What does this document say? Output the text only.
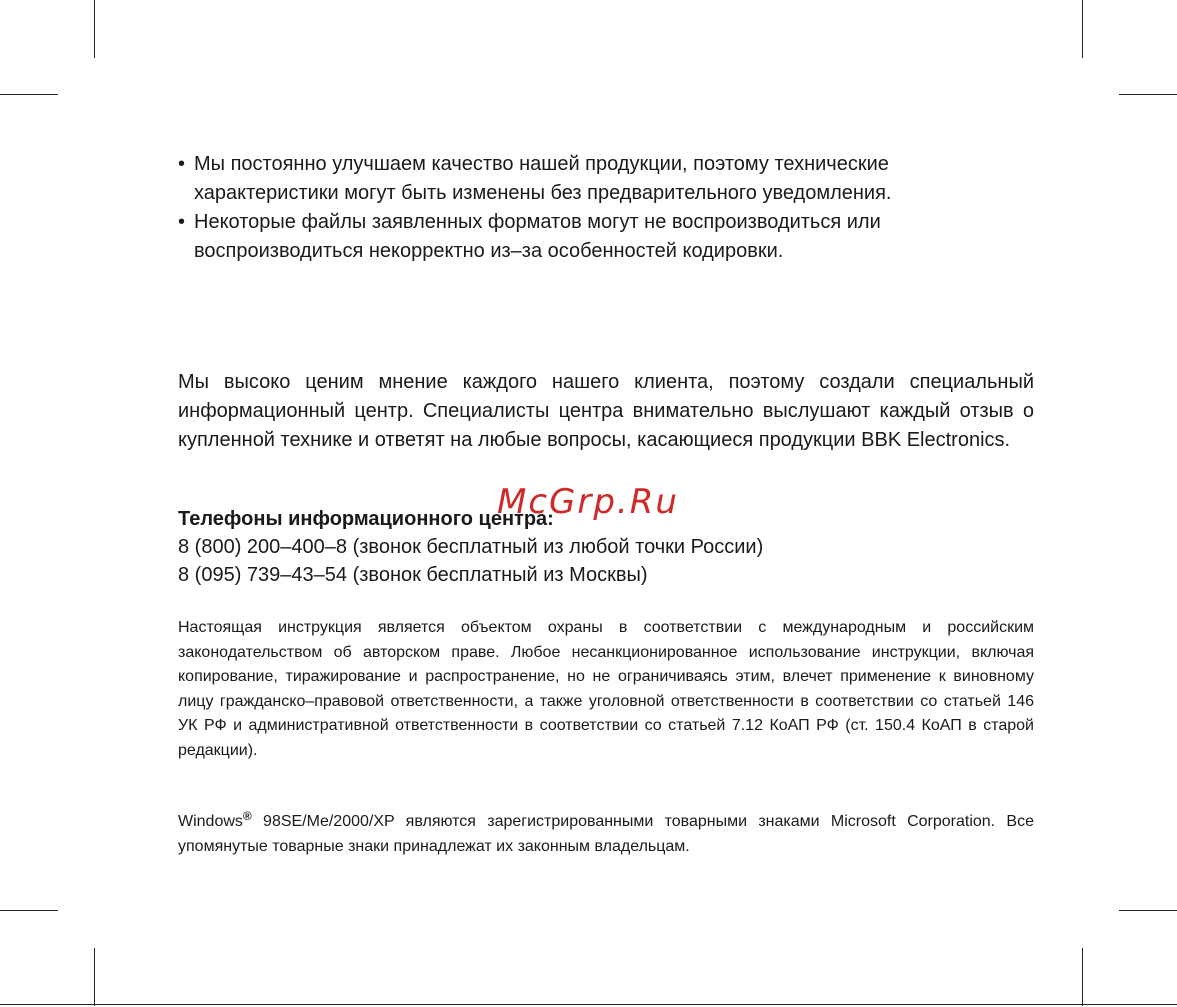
• Мы постоянно улучшаем качество нашей продукции, поэтому технические характеристики могут быть изменены без предварительного уведомления.
• Некоторые файлы заявленных форматов могут не воспроизводиться или воспроизводиться некорректно из–за особенностей кодировки.
Мы высоко ценим мнение каждого нашего клиента, поэтому создали специальный информационный центр. Специалисты центра внимательно выслушают каждый отзыв о купленной технике и ответят на любые вопросы, касающиеся продукции BBK Electronics.
Телефоны информационного центра:
8 (800) 200–400–8 (звонок бесплатный из любой точки России)
8 (095) 739–43–54 (звонок бесплатный из Москвы)
Настоящая инструкция является объектом охраны в соответствии с международным и российским законодательством об авторском праве. Любое несанкционированное использование инструкции, включая копирование, тиражирование и распространение, но не ограничиваясь этим, влечет применение к виновному лицу гражданско–правовой ответственности, а также уголовной ответственности в соответствии со статьей 146 УК РФ и административной ответственности в соответствии со статьей 7.12 КоАП РФ (ст. 150.4 КоАП в старой редакции).
Windows® 98SE/Me/2000/XP являются зарегистрированными товарными знаками Microsoft Corporation. Все упомянутые товарные знаки принадлежат их законным владельцам.
McGrp.Ru
